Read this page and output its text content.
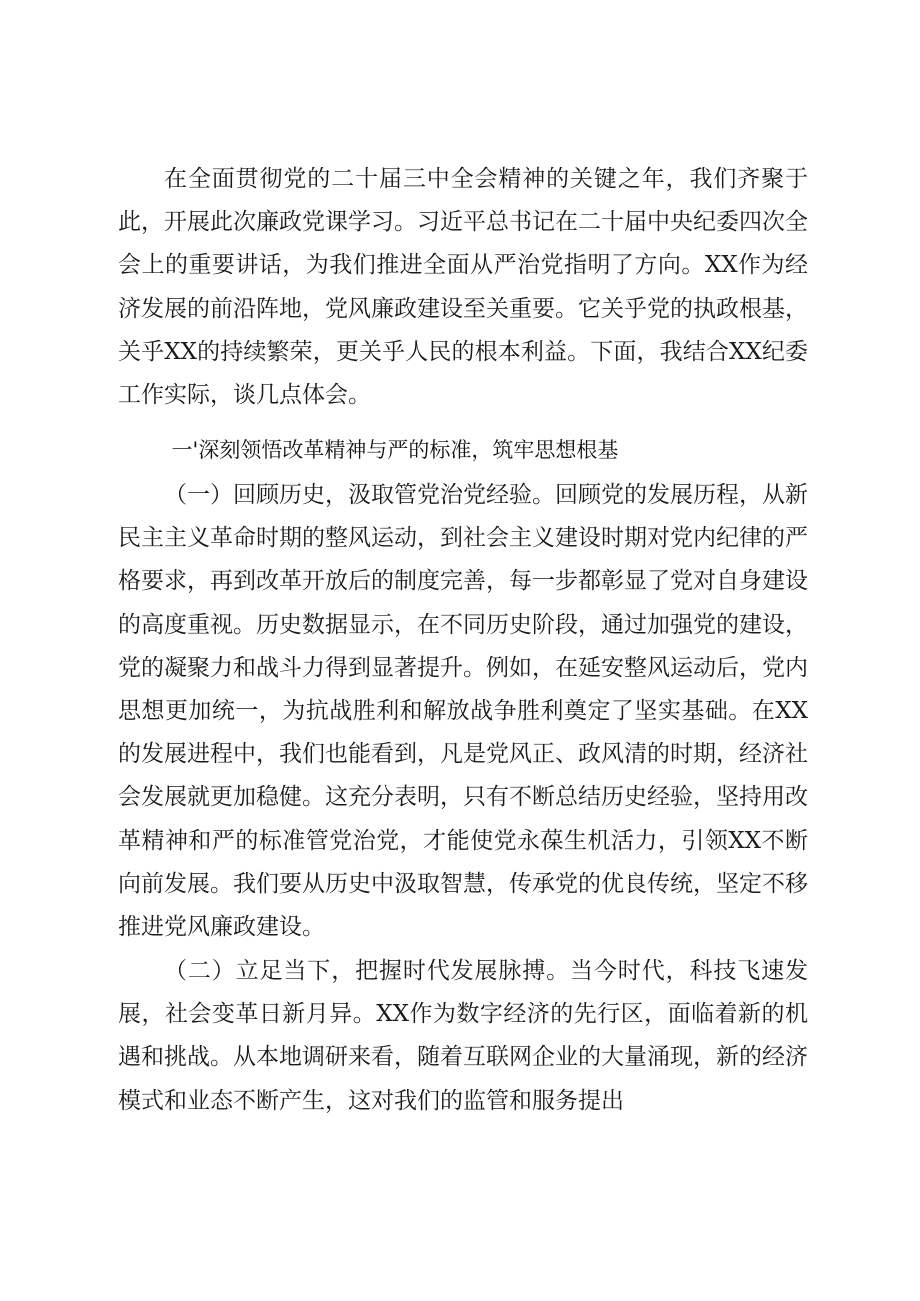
在全面贯彻党的二十届三中全会精神的关键之年，我们齐聚于此，开展此次廉政党课学习。习近平总书记在二十届中央纪委四次全会上的重要讲话，为我们推进全面从严治党指明了方向。XX作为经济发展的前沿阵地，党风廉政建设至关重要。它关乎党的执政根基，关乎XX的持续繁荣，更关乎人民的根本利益。下面，我结合XX纪委工作实际，谈几点体会。

一'深刻领悟改革精神与严的标准，筑牢思想根基

（一）回顾历史，汲取管党治党经验。回顾党的发展历程，从新民主主义革命时期的整风运动，到社会主义建设时期对党内纪律的严格要求，再到改革开放后的制度完善，每一步都彰显了党对自身建设的高度重视。历史数据显示，在不同历史阶段，通过加强党的建设，党的凝聚力和战斗力得到显著提升。例如，在延安整风运动后，党内思想更加统一，为抗战胜利和解放战争胜利奠定了坚实基础。在XX的发展进程中，我们也能看到，凡是党风正、政风清的时期，经济社会发展就更加稳健。这充分表明，只有不断总结历史经验，坚持用改革精神和严的标准管党治党，才能使党永葆生机活力，引领XX不断向前发展。我们要从历史中汲取智慧，传承党的优良传统，坚定不移推进党风廉政建设。

（二）立足当下，把握时代发展脉搏。当今时代，科技飞速发展，社会变革日新月异。XX作为数字经济的先行区，面临着新的机遇和挑战。从本地调研来看，随着互联网企业的大量涌现，新的经济模式和业态不断产生，这对我们的监管和服务提出
